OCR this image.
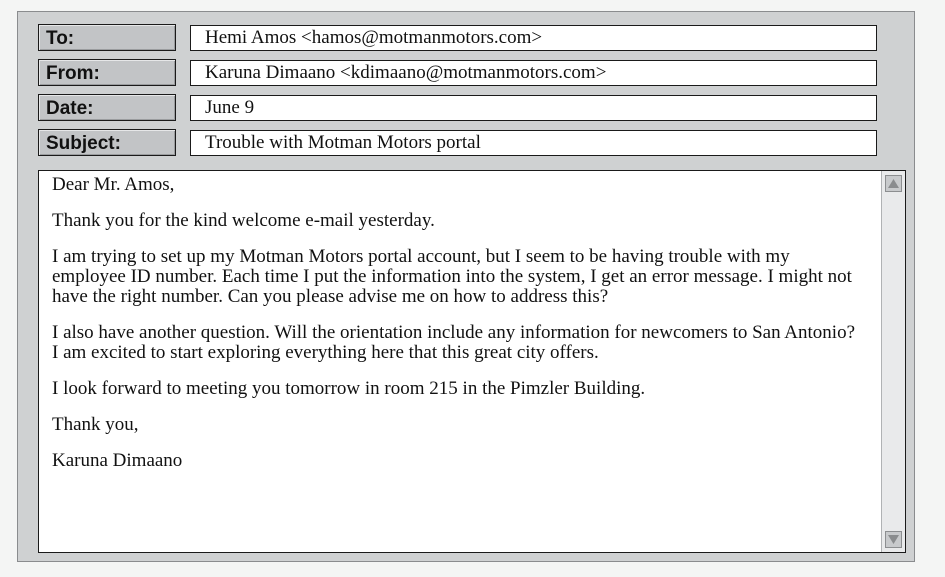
To:	Hemi Amos <hamos@motmanmotors.com>
From:	Karuna Dimaano <kdimaano@motmanmotors.com>
Date:	June 9
Subject:	Trouble with Motman Motors portal

Dear Mr. Amos,

Thank you for the kind welcome e-mail yesterday.

I am trying to set up my Motman Motors portal account, but I seem to be having trouble with my employee ID number. Each time I put the information into the system, I get an error message. I might not have the right number. Can you please advise me on how to address this?

I also have another question. Will the orientation include any information for newcomers to San Antonio? I am excited to start exploring everything here that this great city offers.

I look forward to meeting you tomorrow in room 215 in the Pimzler Building.

Thank you,

Karuna Dimaano
